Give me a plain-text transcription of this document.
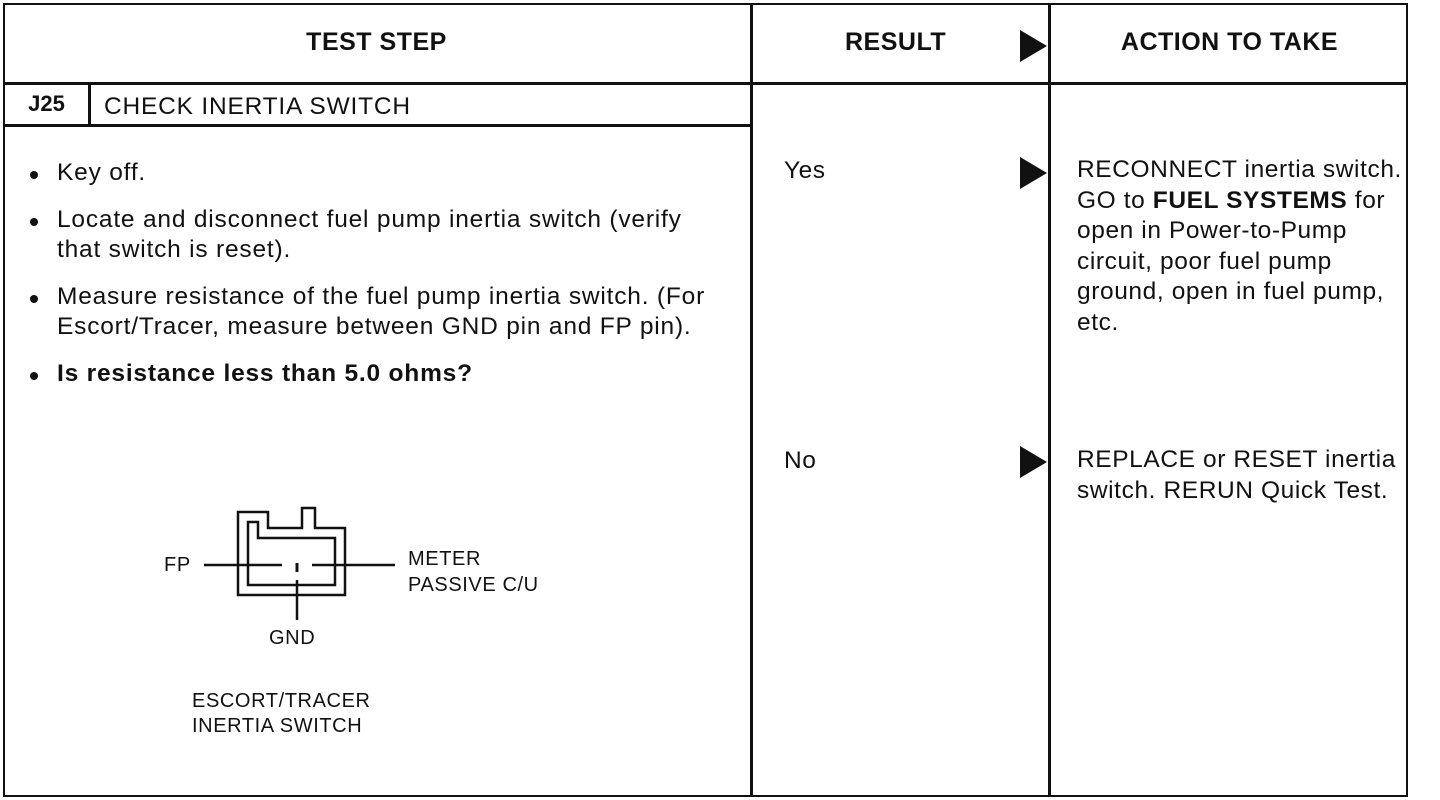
TEST STEP	RESULT	ACTION TO TAKE
J25	CHECK INERTIA SWITCH
Key off.
Locate and disconnect fuel pump inertia switch (verify that switch is reset).
Measure resistance of the fuel pump inertia switch. (For Escort/Tracer, measure between GND pin and FP pin).
Is resistance less than 5.0 ohms?
FP	METER
PASSIVE C/U
GND
ESCORT/TRACER
INERTIA SWITCH
Yes	RECONNECT inertia switch. GO to FUEL SYSTEMS for open in Power-to-Pump circuit, poor fuel pump ground, open in fuel pump, etc.
No	REPLACE or RESET inertia switch. RERUN Quick Test.
